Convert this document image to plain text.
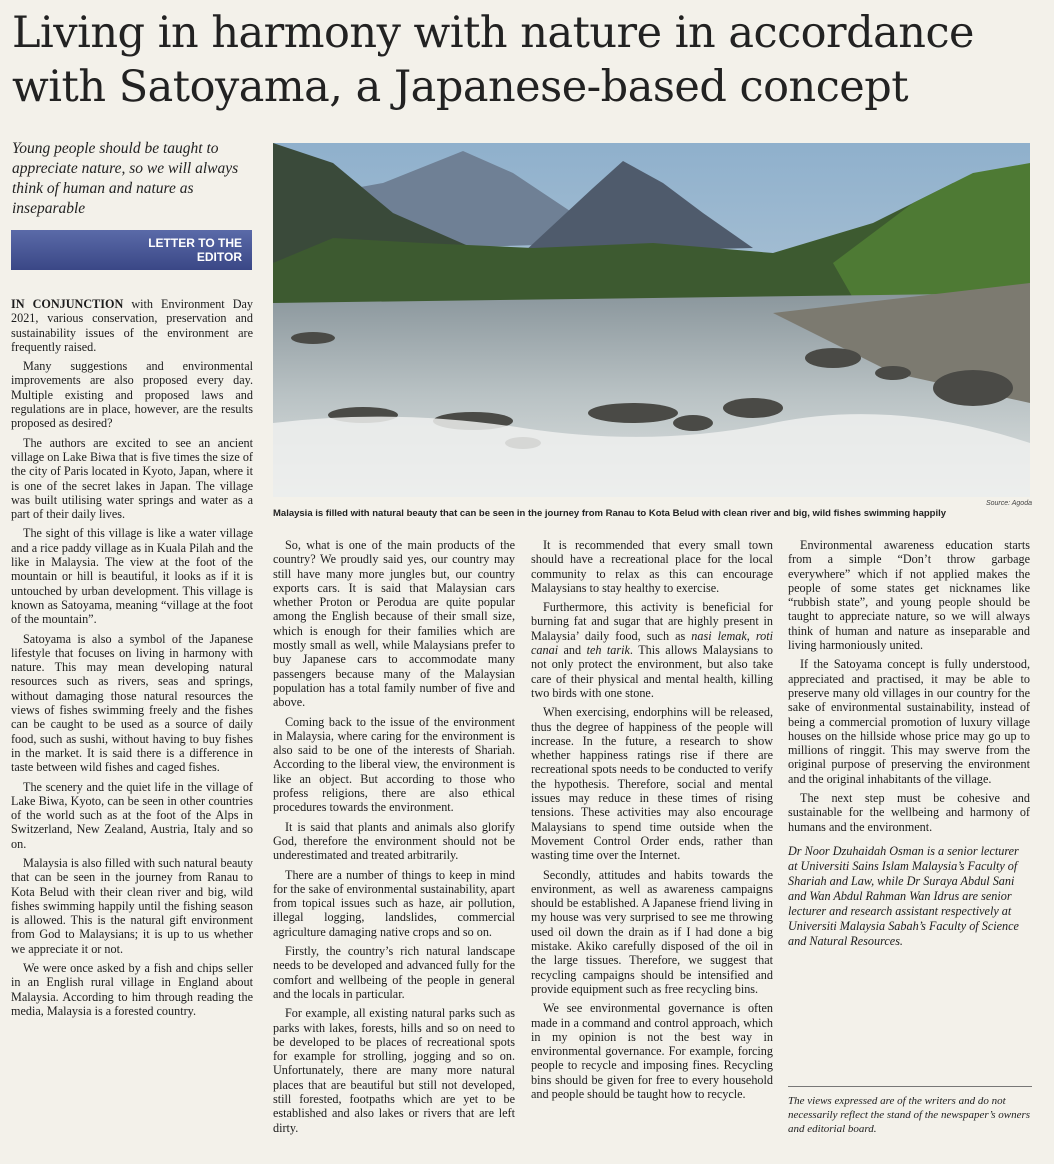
Living in harmony with nature in accordance with Satoyama, a Japanese-based concept

Young people should be taught to appreciate nature, so we will always think of human and nature as inseparable

LETTER TO THE
EDITOR
Source: Agoda

Malaysia is filled with natural beauty that can be seen in the journey from Ranau to Kota Belud with clean river and big, wild fishes swimming happily

IN CONJUNCTION with Environment Day 2021, various conservation, preservation and sustainability issues of the environment are frequently raised.

Many suggestions and environmental improvements are also proposed every day. Multiple existing and proposed laws and regulations are in place, however, are the results proposed as desired?

The authors are excited to see an ancient village on Lake Biwa that is five times the size of the city of Paris located in Kyoto, Japan, where it is one of the secret lakes in Japan. The village was built utilising water springs and water as a part of their daily lives.

The sight of this village is like a water village and a rice paddy village as in Kuala Pilah and the like in Malaysia. The view at the foot of the mountain or hill is beautiful, it looks as if it is untouched by urban development. This village is known as Satoyama, meaning “village at the foot of the mountain”.

Satoyama is also a symbol of the Japanese lifestyle that focuses on living in harmony with nature. This may mean developing natural resources such as rivers, seas and springs, without damaging those natural resources the views of fishes swimming freely and the fishes can be caught to be used as a source of daily food, such as sushi, without having to buy fishes in the market. It is said there is a difference in taste between wild fishes and caged fishes.

The scenery and the quiet life in the village of Lake Biwa, Kyoto, can be seen in other countries of the world such as at the foot of the Alps in Switzerland, New Zealand, Austria, Italy and so on.

Malaysia is also filled with such natural beauty that can be seen in the journey from Ranau to Kota Belud with their clean river and big, wild fishes swimming happily until the fishing season is allowed. This is the natural gift environment from God to Malaysians; it is up to us whether we appreciate it or not.

We were once asked by a fish and chips seller in an English rural village in England about Malaysia. According to him through reading the media, Malaysia is a forested country.

So, what is one of the main products of the country? We proudly said yes, our country may still have many more jungles but, our country exports cars. It is said that Malaysian cars whether Proton or Perodua are quite popular among the English because of their small size, which is enough for their families which are mostly small as well, while Malaysians prefer to buy Japanese cars to accommodate many passengers because many of the Malaysian population has a total family number of five and above.

Coming back to the issue of the environment in Malaysia, where caring for the environment is also said to be one of the interests of Shariah. According to the liberal view, the environment is like an object. But according to those who profess religions, there are also ethical procedures towards the environment.

It is said that plants and animals also glorify God, therefore the environment should not be underestimated and treated arbitrarily.

There are a number of things to keep in mind for the sake of environmental sustainability, apart from topical issues such as haze, air pollution, illegal logging, landslides, commercial agriculture damaging native crops and so on.

Firstly, the country’s rich natural landscape needs to be developed and advanced fully for the comfort and wellbeing of the people in general and the locals in particular.

For example, all existing natural parks such as parks with lakes, forests, hills and so on need to be developed to be places of recreational spots for example for strolling, jogging and so on. Unfortunately, there are many more natural places that are beautiful but still not developed, still forested, footpaths which are yet to be established and also lakes or rivers that are left dirty.

It is recommended that every small town should have a recreational place for the local community to relax as this can encourage Malaysians to stay healthy to exercise.

Furthermore, this activity is beneficial for burning fat and sugar that are highly present in Malaysia’ daily food, such as nasi lemak, roti canai and teh tarik. This allows Malaysians to not only protect the environment, but also take care of their physical and mental health, killing two birds with one stone.

When exercising, endorphins will be released, thus the degree of happiness of the people will increase. In the future, a research to show whether happiness ratings rise if there are recreational spots needs to be conducted to verify the hypothesis. Therefore, social and mental issues may reduce in these times of rising tensions. These activities may also encourage Malaysians to spend time outside when the Movement Control Order ends, rather than wasting time over the Internet.

Secondly, attitudes and habits towards the environment, as well as awareness campaigns should be established. A Japanese friend living in my house was very surprised to see me throwing used oil down the drain as if I had done a big mistake. Akiko carefully disposed of the oil in the large tissues. Therefore, we suggest that recycling campaigns should be intensified and provide equipment such as free recycling bins.

We see environmental governance is often made in a command and control approach, which in my opinion is not the best way in environmental governance. For example, forcing people to recycle and imposing fines. Recycling bins should be given for free to every household and people should be taught how to recycle.

Environmental awareness education starts from a simple “Don’t throw garbage everywhere” which if not applied makes the people of some states get nicknames like “rubbish state”, and young people should be taught to appreciate nature, so we will always think of human and nature as inseparable and living harmoniously united.

If the Satoyama concept is fully understood, appreciated and practised, it may be able to preserve many old villages in our country for the sake of environmental sustainability, instead of being a commercial promotion of luxury village houses on the hillside whose price may go up to millions of ringgit. This may swerve from the original purpose of preserving the environment and the original inhabitants of the village.

The next step must be cohesive and sustainable for the wellbeing and harmony of humans and the environment.

Dr Noor Dzuhaidah Osman is a senior lecturer at Universiti Sains Islam Malaysia’s Faculty of Shariah and Law, while Dr Suraya Abdul Sani and Wan Abdul Rahman Wan Idrus are senior lecturer and research assistant respectively at Universiti Malaysia Sabah’s Faculty of Science and Natural Resources.

The views expressed are of the writers and do not necessarily reflect the stand of the newspaper’s owners and editorial board.
